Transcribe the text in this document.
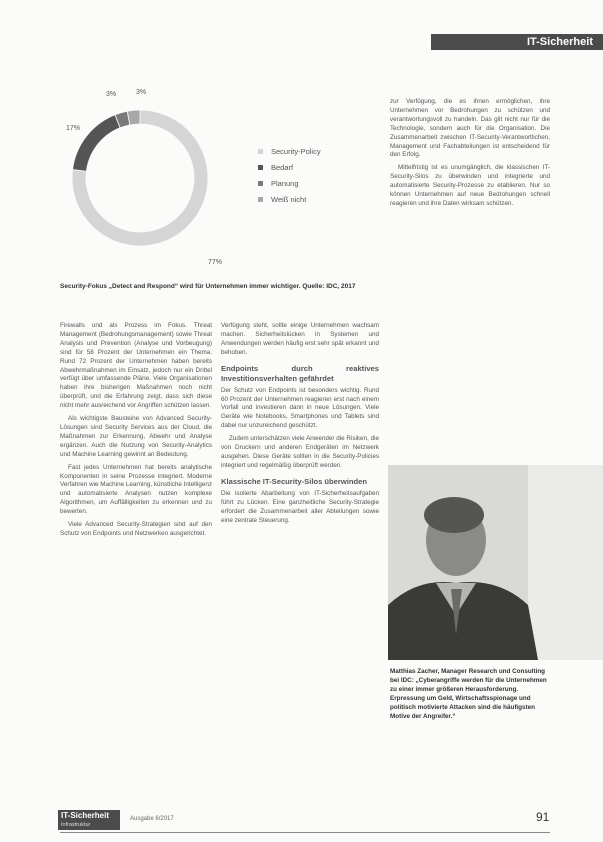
IT-Sicherheit
77%
17%
3%	3%
Security-Policy
Bedarf
Planung
Weiß nicht
Security-Fokus „Detect and Respond“ wird für Unternehmen immer wichtiger. Quelle: IDC, 2017

Firewalls und als Prozess im Fokus. Threat Management (Bedrohungsmanagement) sowie Threat Analysis und Prevention (Analyse und Vorbeugung) sind für 58 Prozent der Unternehmen ein Thema. Rund 72 Prozent der Unternehmen haben bereits Abwehrmaßnahmen im Einsatz, jedoch nur ein Drittel verfügt über umfassende Pläne. Viele Organisationen haben ihre bisherigen Maßnahmen noch nicht überprüft, und die Erfahrung zeigt, dass sich diese nicht mehr ausreichend vor Angriffen schützen lassen.

Als wichtigste Bausteine von Advanced Security-Lösungen sind Security Services aus der Cloud, die Maßnahmen zur Erkennung, Abwehr und Analyse ergänzen. Auch die Nutzung von Security-Analytics und Machine Learning gewinnt an Bedeutung.

Fast jedes Unternehmen hat bereits analytische Komponenten in seine Prozesse integriert. Moderne Verfahren wie Machine Learning, künstliche Intelligenz und automatisierte Analysen nutzen komplexe Algorithmen, um Auffälligkeiten zu erkennen und zu bewerten.

Viele Advanced Security-Strategien sind auf den Schutz von Endpoints und Netzwerken ausgerichtet.

Verfügung steht, sollte einige Unternehmen wachsam machen. Sicherheitslücken in Systemen und Anwendungen werden häufig erst sehr spät erkannt und behoben.

Endpoints durch reaktives Investitionsverhalten gefährdet

Der Schutz von Endpoints ist besonders wichtig. Rund 60 Prozent der Unternehmen reagieren erst nach einem Vorfall und investieren dann in neue Lösungen. Viele Geräte wie Notebooks, Smartphones und Tablets sind dabei nur unzureichend geschützt.

Zudem unterschätzen viele Anwender die Risiken, die von Druckern und anderen Endgeräten im Netzwerk ausgehen. Diese Geräte sollten in die Security-Policies integriert und regelmäßig überprüft werden.

Klassische IT-Security-Silos überwinden

Die isolierte Abarbeitung von IT-Sicherheitsaufgaben führt zu Lücken. Eine ganzheitliche Security-Strategie erfordert die Zusammenarbeit aller Abteilungen sowie eine zentrale Steuerung.

zur Verfügung, die es ihnen ermöglichen, ihre Unternehmen vor Bedrohungen zu schützen und verantwortungsvoll zu handeln. Das gilt nicht nur für die Technologie, sondern auch für die Organisation. Die Zusammenarbeit zwischen IT-Security-Verantwortlichen, Management und Fachabteilungen ist entscheidend für den Erfolg.

Mittelfristig ist es unumgänglich, die klassischen IT-Security-Silos zu überwinden und integrierte und automatisierte Security-Prozesse zu etablieren. Nur so können Unternehmen auf neue Bedrohungen schnell reagieren und ihre Daten wirksam schützen.

Matthias Zacher, Manager Research und Consulting bei IDC: „Cyberangriffe werden für die Unternehmen zu einer immer größeren Herausforderung. Erpressung um Geld, Wirtschaftsspionage und politisch motivierte Attacken sind die häufigsten Motive der Angreifer.“
IT-Sicherheit
Infrastruktur
Ausgabe 6/2017	91
